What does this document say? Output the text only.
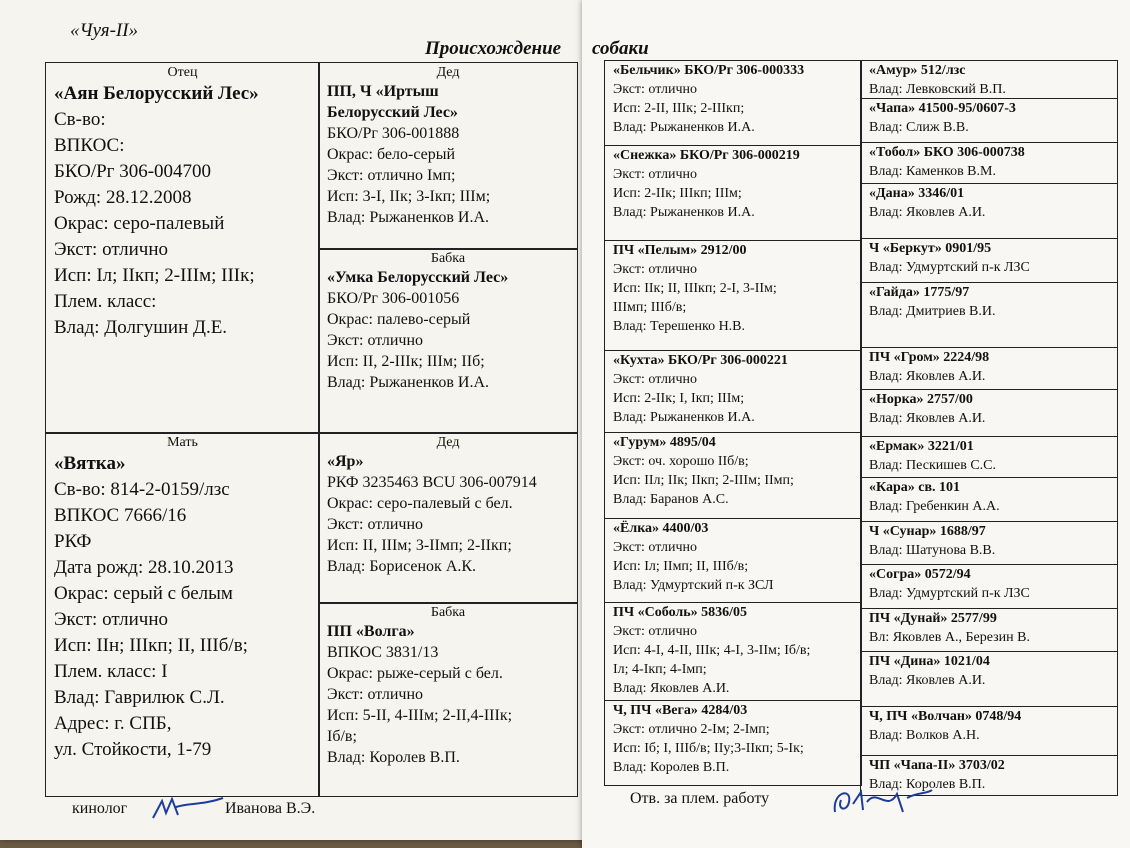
«Чуя-II»
Происхождение
Отец
«Аян Белорусский Лес»
Св-во:
ВПКОС:
БКО/Рг 306-004700
Рожд: 28.12.2008
Окрас: серо-палевый
Экст: отлично
Исп: Iл; IIкп; 2-IIIм; IIIк;
Плем. класс:
Влад: Долгушин Д.Е.
Дед
ПП, Ч «Иртыш
Белорусский Лес»
БКО/Рг 306-001888
Окрас: бело-серый
Экст: отлично Iмп;
Исп: 3-I, IIк; 3-Iкп; IIIм;
Влад: Рыжаненков И.А.
Бабка
«Умка Белорусский Лес»
БКО/Рг 306-001056
Окрас: палево-серый
Экст: отлично
Исп: II, 2-IIIк; IIIм; IIб;
Влад: Рыжаненков И.А.
Мать
«Вятка»
Св-во: 814-2-0159/лзс
ВПКОС 7666/16
РКФ
Дата рожд: 28.10.2013
Окрас: серый с белым
Экст: отлично
Исп: IIн; IIIкп; II, IIIб/в;
Плем. класс: I
Влад: Гаврилюк С.Л.
Адрес: г. СПБ,
ул. Стойкости, 1-79
Дед
«Яр»
РКФ 3235463 BCU 306-007914
Окрас: серо-палевый с бел.
Экст: отлично
Исп: II, IIIм; 3-IIмп; 2-IIкп;
Влад: Борисенок А.К.
Бабка
ПП «Волга»
ВПКОС 3831/13
Окрас: рыже-серый с бел.
Экст: отлично
Исп: 5-II, 4-IIIм; 2-II,4-IIIк;
Iб/в;
Влад: Королев В.П.
кинолог	Иванова В.Э.
собаки
«Бельчик» БКО/Рг 306-000333
Экст: отлично
Исп: 2-II, IIIк; 2-IIIкп;
Влад: Рыжаненков И.А.
«Снежка» БКО/Рг 306-000219
Экст: отлично
Исп: 2-IIк; IIIкп; IIIм;
Влад: Рыжаненков И.А.
ПЧ «Пелым» 2912/00
Экст: отлично
Исп: IIк; II, IIIкп; 2-I, 3-IIм;
IIIмп; IIIб/в;
Влад: Терешенко Н.В.
«Кухта» БКО/Рг 306-000221
Экст: отлично
Исп: 2-IIк; I, Iкп; IIIм;
Влад: Рыжаненков И.А.
«Гурум» 4895/04
Экст: оч. хорошо IIб/в;
Исп: IIл; IIк; IIкп; 2-IIIм; IIмп;
Влад: Баранов А.С.
«Ёлка» 4400/03
Экст: отлично
Исп: Iл; IIмп; II, IIIб/в;
Влад: Удмуртский п-к ЗСЛ
ПЧ «Соболь» 5836/05
Экст: отлично
Исп: 4-I, 4-II, IIIк; 4-I, 3-IIм; Iб/в;
Iл; 4-Iкп; 4-Iмп;
Влад: Яковлев А.И.
Ч, ПЧ «Вега» 4284/03
Экст: отлично 2-Iм; 2-Iмп;
Исп: Iб; I, IIIб/в; IIу;3-IIкп; 5-Iк;
Влад: Королев В.П.
«Амур» 512/лзс
Влад: Левковский В.П.
«Чапа» 41500-95/0607-3
Влад: Слиж В.В.
«Тобол» БКО 306-000738
Влад: Каменков В.М.
«Дана» 3346/01
Влад: Яковлев А.И.
Ч «Беркут» 0901/95
Влад: Удмуртский п-к ЛЗС
«Гайда» 1775/97
Влад: Дмитриев В.И.
ПЧ «Гром» 2224/98
Влад: Яковлев А.И.
«Норка» 2757/00
Влад: Яковлев А.И.
«Ермак» 3221/01
Влад: Пескишев С.С.
«Кара» св. 101
Влад: Гребенкин А.А.
Ч «Сунар» 1688/97
Влад: Шатунова В.В.
«Согра» 0572/94
Влад: Удмуртский п-к ЛЗС
ПЧ «Дунай» 2577/99
Вл: Яковлев А., Березин В.
ПЧ «Дина» 1021/04
Влад: Яковлев А.И.
Ч, ПЧ «Волчан» 0748/94
Влад: Волков А.Н.
ЧП «Чапа-II» 3703/02
Влад: Королев В.П.
Отв. за плем. работу
